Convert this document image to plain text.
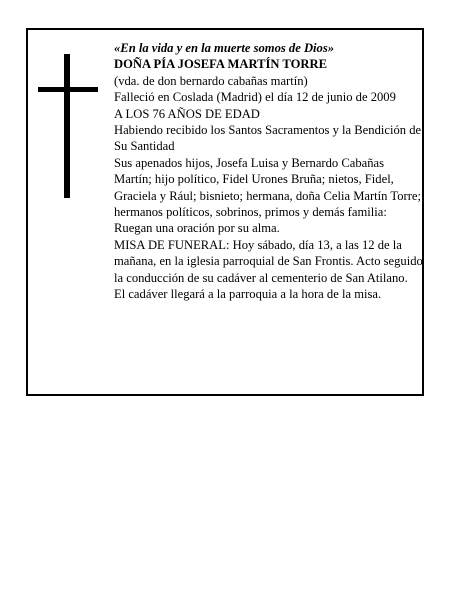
«En la vida y en la muerte somos de Dios»

DOÑA PÍA JOSEFA MARTÍN TORRE

(vda. de don bernardo cabañas martín)

Falleció en Coslada (Madrid) el día 12 de junio de 2009

A LOS 76 AÑOS DE EDAD

Habiendo recibido los Santos Sacramentos y la Bendición de Su Santidad

Sus apenados hijos, Josefa Luisa y Bernardo Cabañas Martín; hijo político, Fidel Urones Bruña; nietos, Fidel, Graciela y Rául; bisnieto; hermana, doña Celia Martín Torre; hermanos políticos, sobrinos, primos y demás familia:

Ruegan una oración por su alma.

MISA DE FUNERAL: Hoy sábado, día 13, a las 12 de la mañana, en la iglesia parroquial de San Frontis. Acto seguido la conducción de su cadáver al cementerio de San Atilano.

El cadáver llegará a la parroquia a la hora de la misa.
